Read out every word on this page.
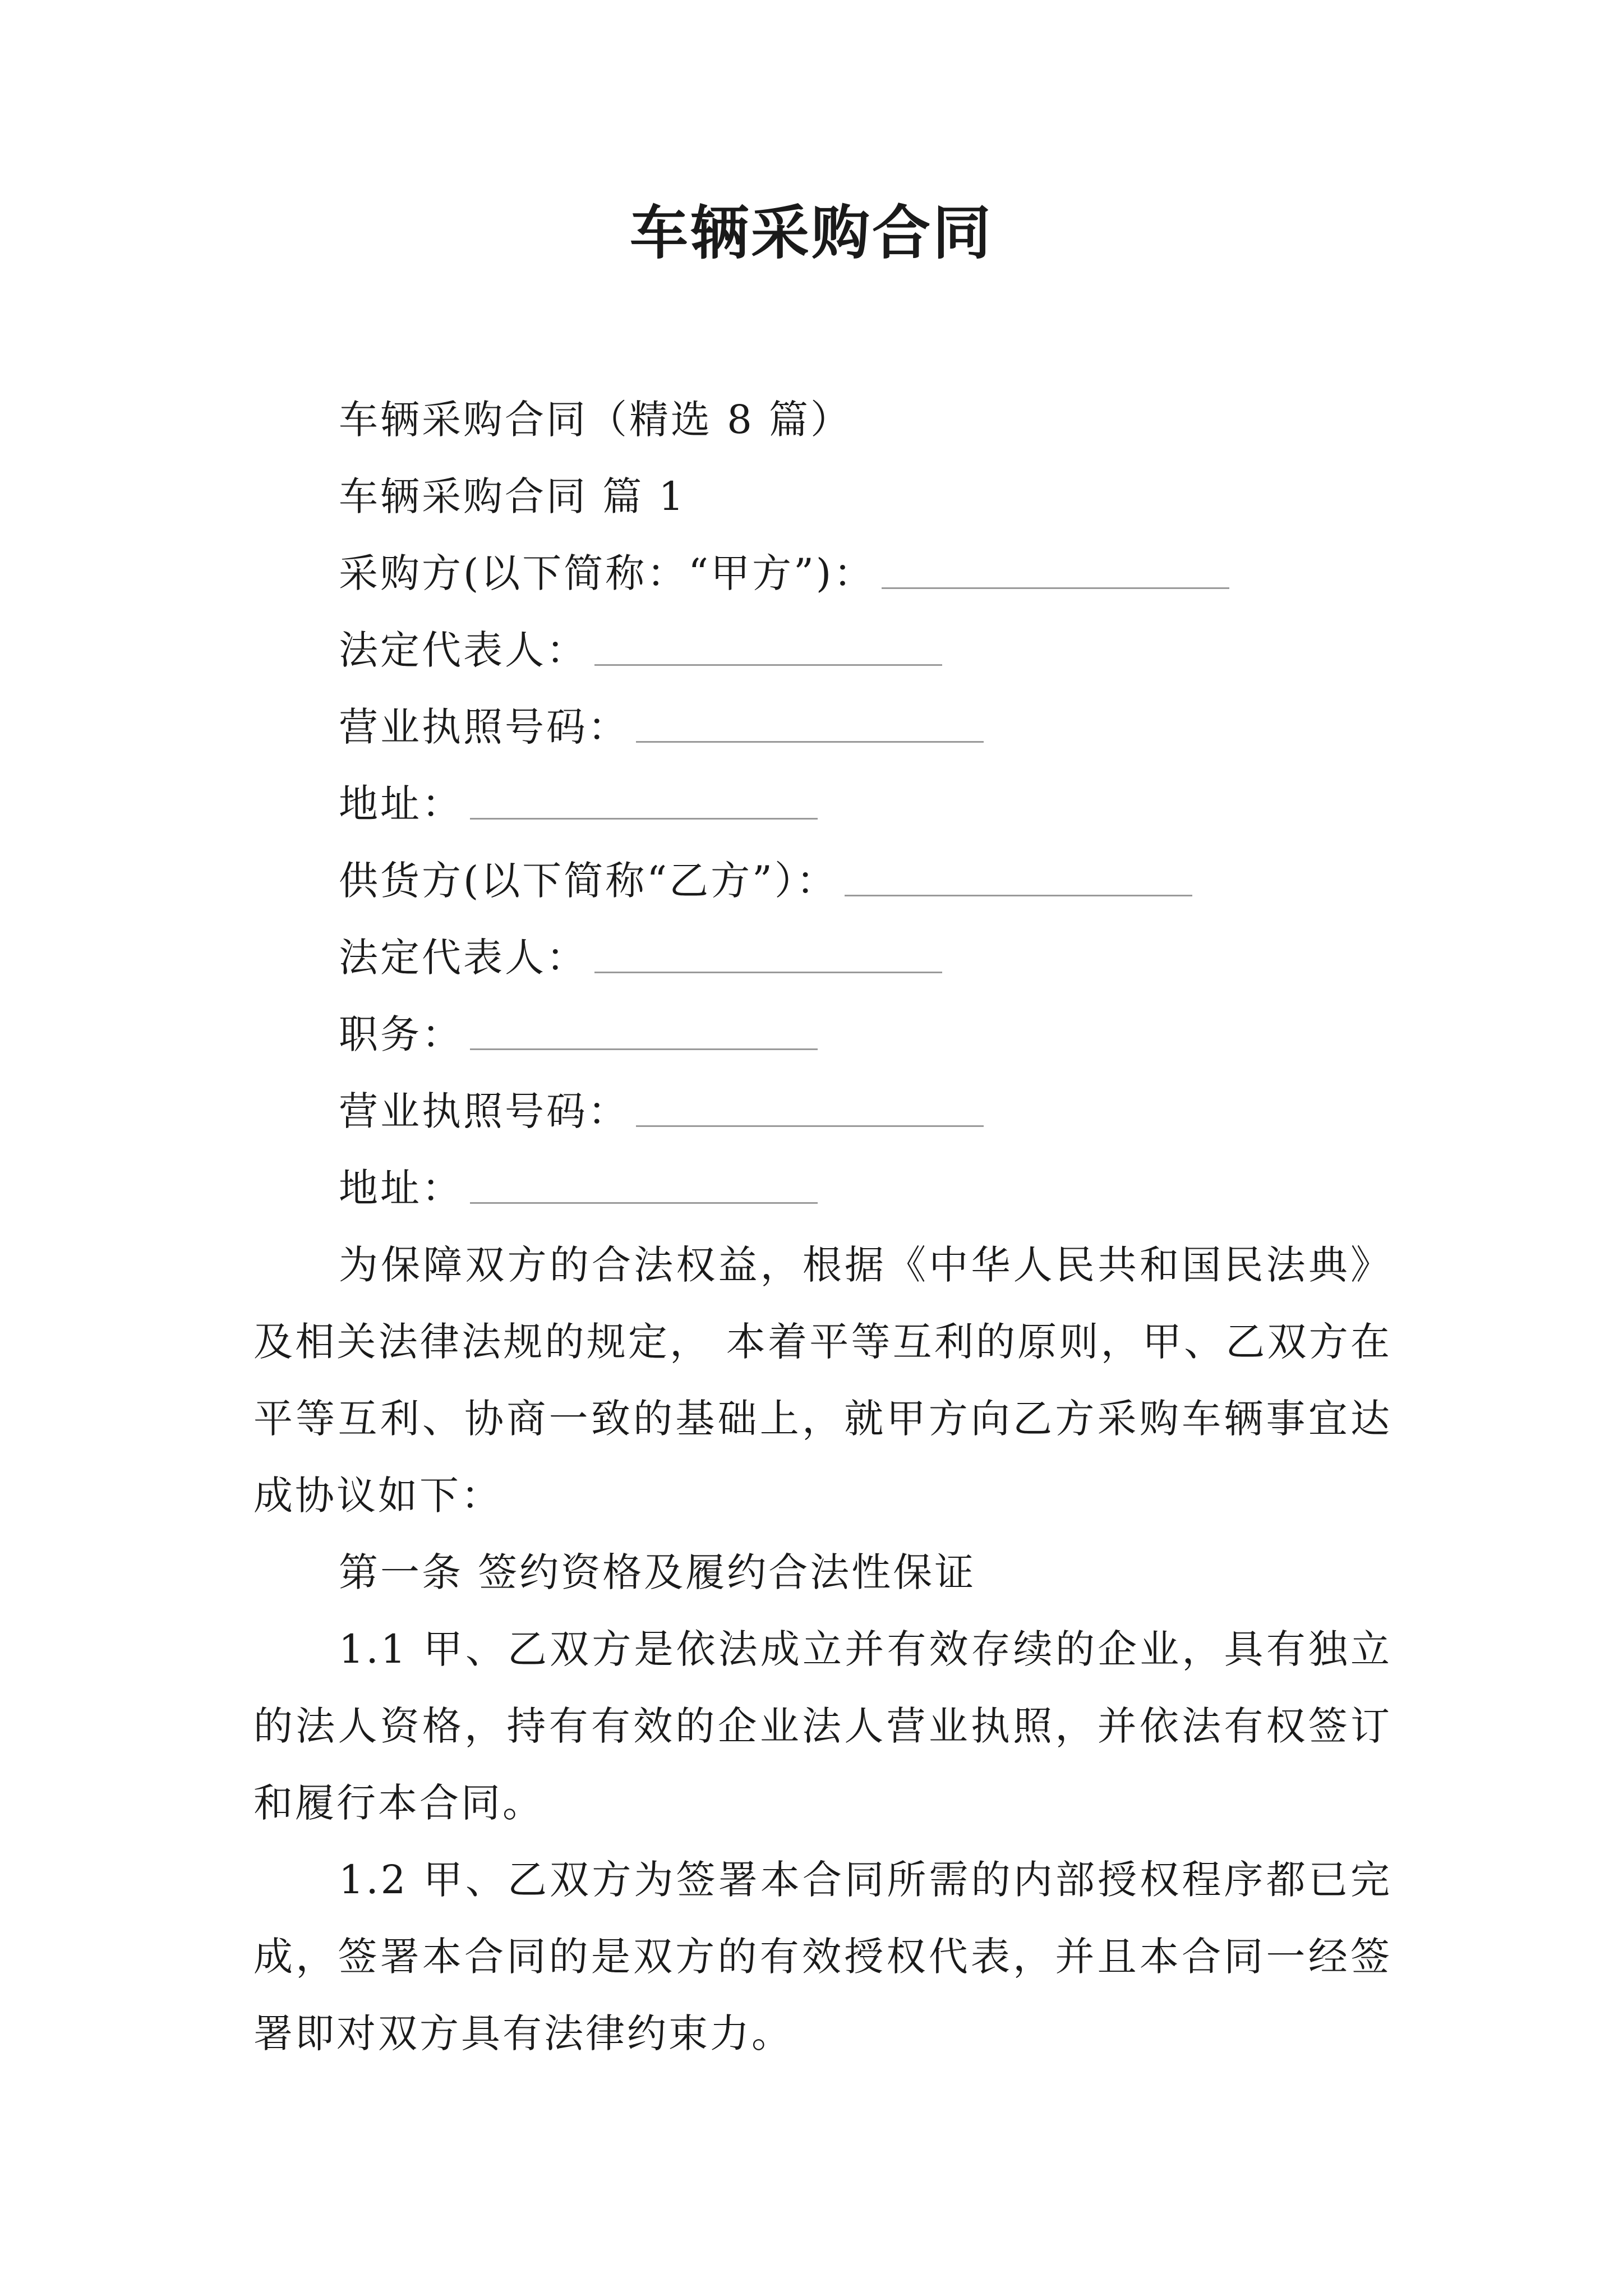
车辆采购合同
车辆采购合同（精选 8 篇）
车辆采购合同 篇 1
采购方(以下简称：“甲方”)：
法定代表人：
营业执照号码：
地址：
供货方(以下简称“乙方”）：
法定代表人：
职务：
营业执照号码：
地址：
为保障双方的合法权益，根据《中华人民共和国民法典》及相关法律法规的规定， 本着平等互利的原则，甲、乙双方在平等互利、协商一致的基础上，就甲方向乙方采购车辆事宜达成协议如下：
第一条 签约资格及履约合法性保证
1.1 甲、乙双方是依法成立并有效存续的企业，具有独立的法人资格，持有有效的企业法人营业执照，并依法有权签订和履行本合同。
1.2 甲、乙双方为签署本合同所需的内部授权程序都已完成，签署本合同的是双方的有效授权代表，并且本合同一经签署即对双方具有法律约束力。
